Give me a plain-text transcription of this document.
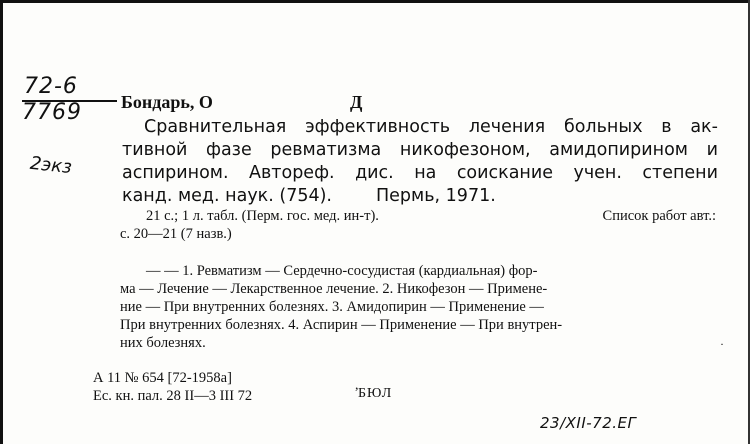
72-6
7769
2экз
Бондарь, О	Д
Сравнительная эффективность лечения больных в ак-
тивной фазе ревматизма никофезоном, амидопирином и
аспирином. Автореф. дис. на соискание учен. степени
канд. мед. наук. (754).	Пермь, 1971.
21 с.; 1 л. табл. (Перм. гос. мед. ин-т).	Список работ авт.:
с. 20—21 (7 назв.)
— — 1. Ревматизм — Сердечно-сосудистая (кардиальная) фор-
ма — Лечение — Лекарственное лечение. 2. Никофезон — Примене-
ние — При внутренних болезнях. 3. Амидопирин — Применение —
При внутренних болезнях. 4. Аспирин — Применение — При внутрен-
них болезнях.	·
А 11 № 654 [72-1958а]
Ес. кн. пал. 28 II—3 III 72
,
БЮЛ
23/XII-72.ЕГ
